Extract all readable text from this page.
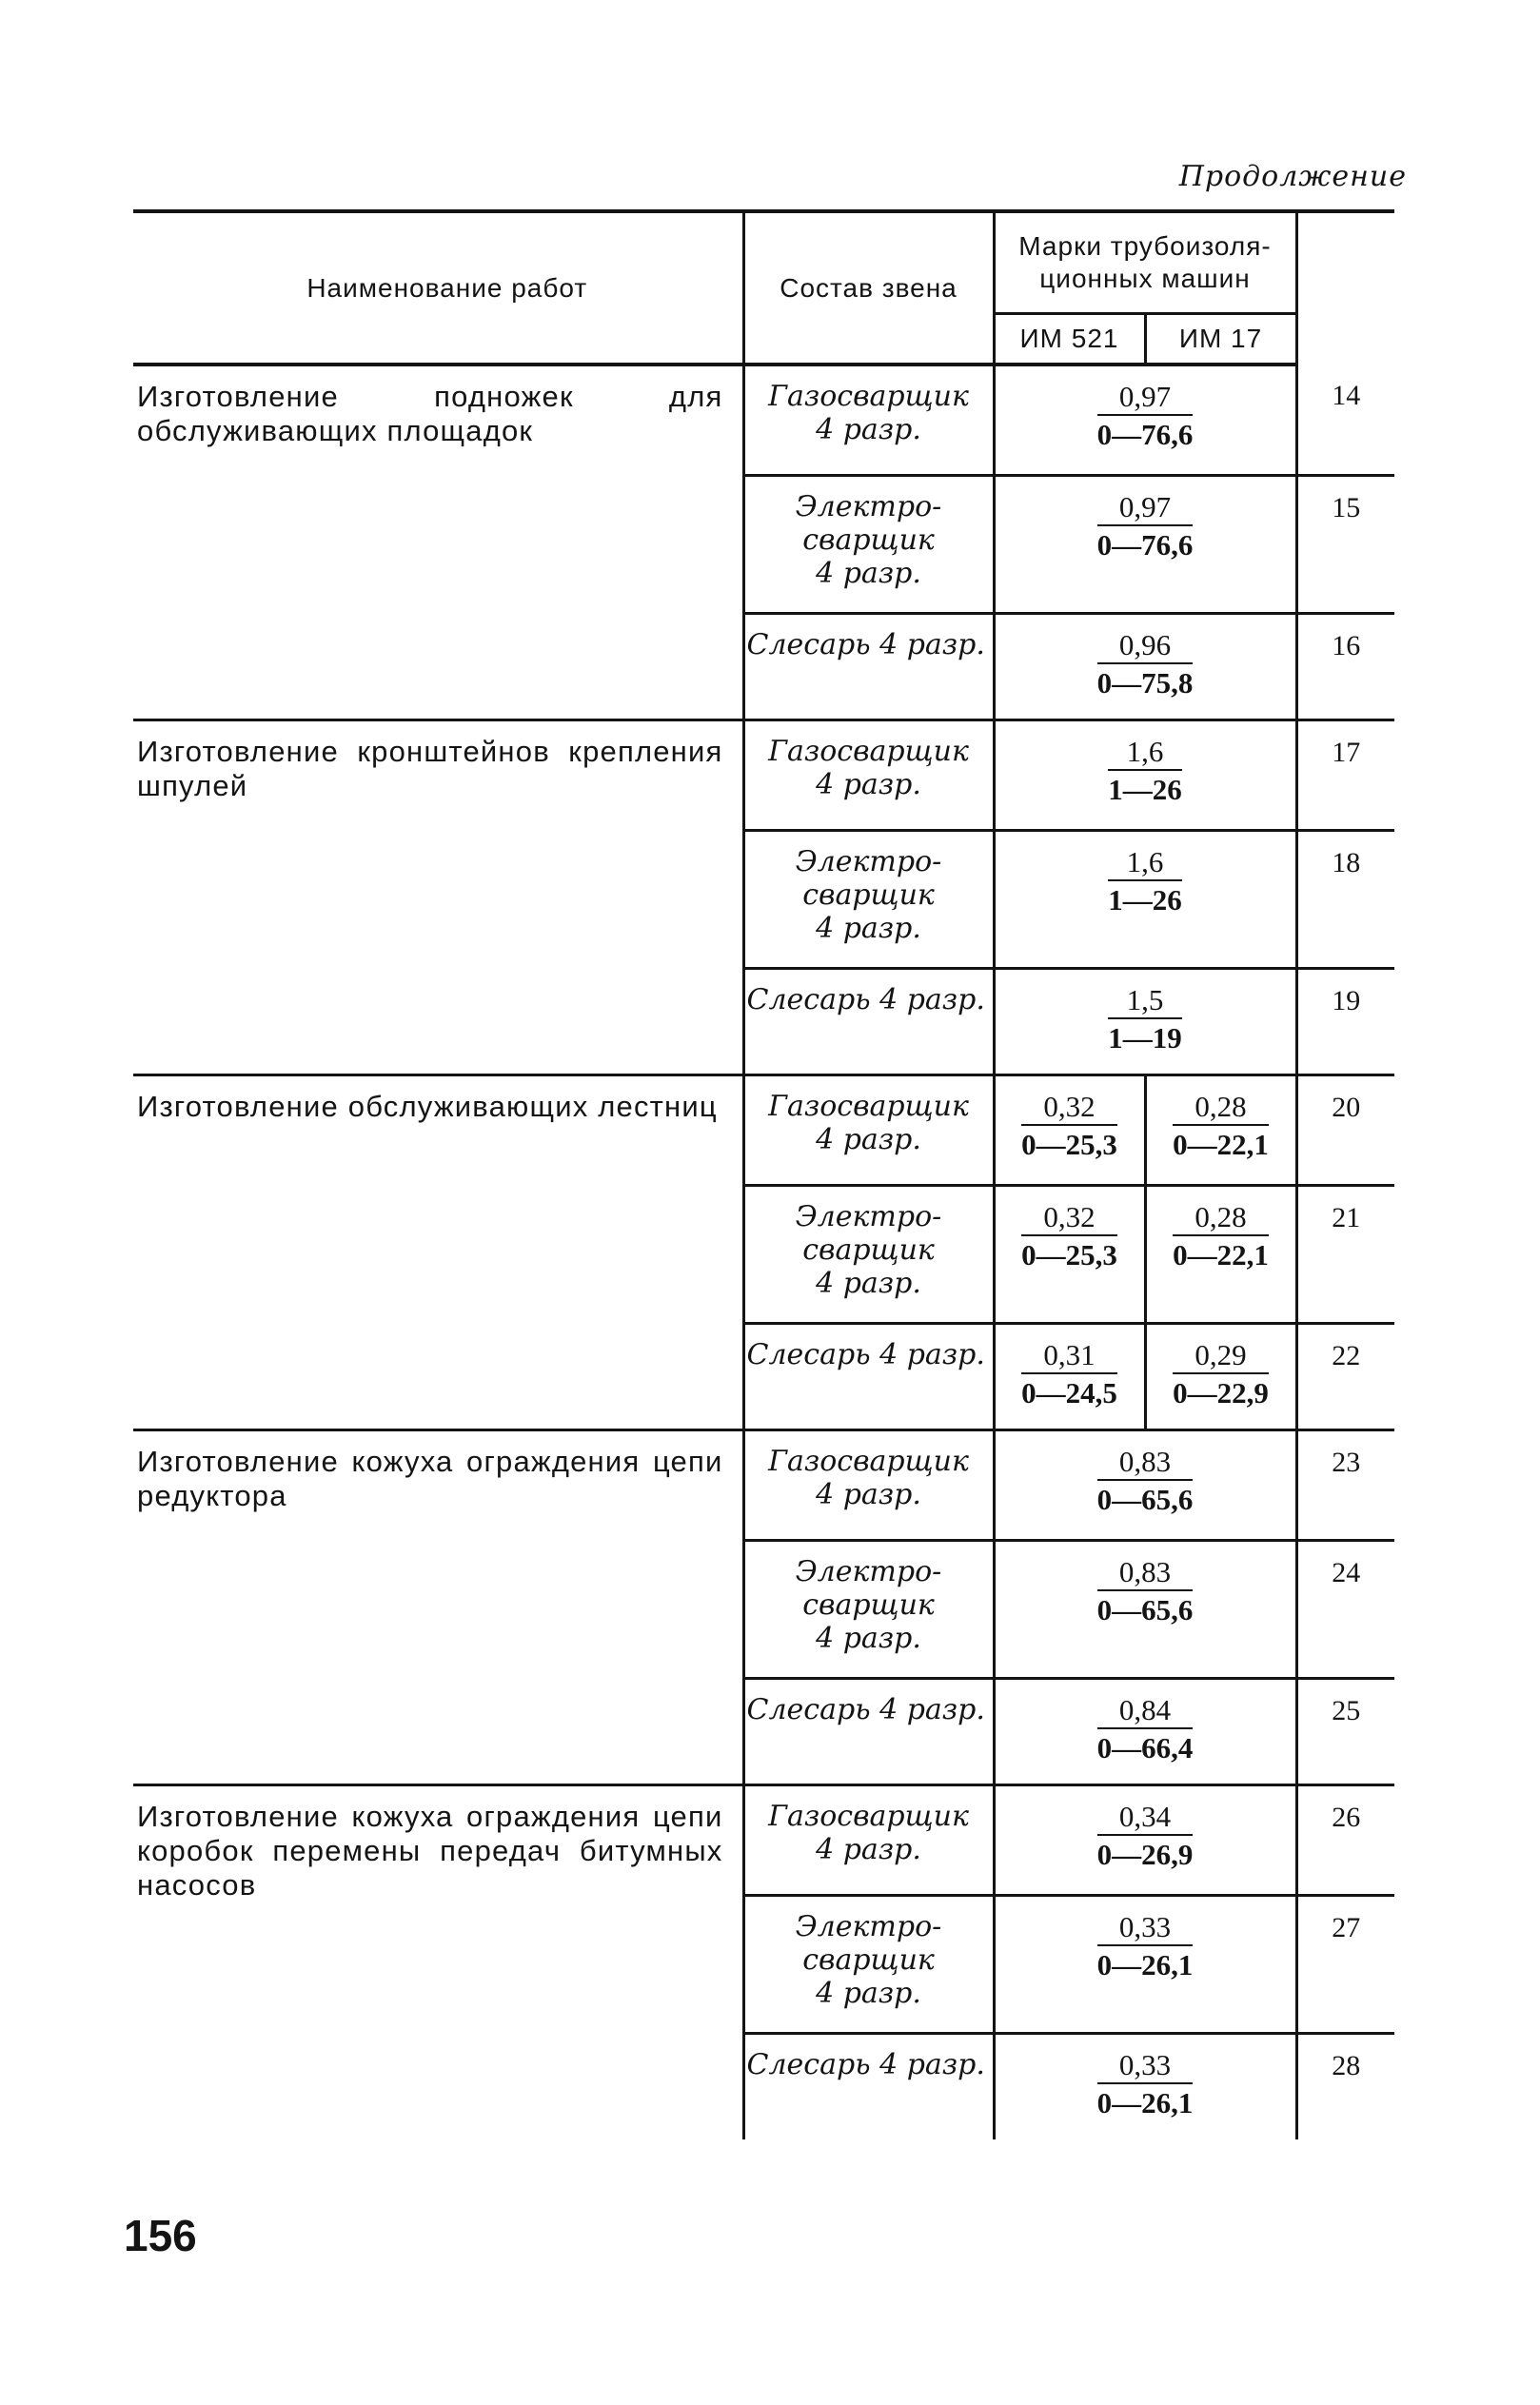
Продолжение
Наименование работ	Состав звена	Марки трубоизоля-
ционных машин		
		ИМ 521	ИМ 17	
Изготовление подножек для обслуживающих площадок	Газосварщик
4 разр.	$\frac{0,97}{0—76,6}$		14
	Электро-
сварщик
4 разр.	$\frac{0,97}{0—76,6}$		15
	Слесарь 4 разр.	$\frac{0,96}{0—75,8}$		16
Изготовление кронштейнов крепления шпулей	Газосварщик
4 разр.	$\frac{1,6}{1—26}$		17
	Электро-
сварщик
4 разр.	$\frac{1,6}{1—26}$		18
	Слесарь 4 разр.	$\frac{1,5}{1—19}$		19
Изготовление обслуживающих лестниц	Газосварщик
4 разр.	$\frac{0,32}{0—25,3}$	$\frac{0,28}{0—22,1}$	20
	Электро-
сварщик
4 разр.	$\frac{0,32}{0—25,3}$	$\frac{0,28}{0—22,1}$	21
	Слесарь 4 разр.	$\frac{0,31}{0—24,5}$	$\frac{0,29}{0—22,9}$	22
Изготовление кожуха ограждения цепи редуктора	Газосварщик
4 разр.	$\frac{0,83}{0—65,6}$		23
	Электро-
сварщик
4 разр.	$\frac{0,83}{0—65,6}$		24
	Слесарь 4 разр.	$\frac{0,84}{0—66,4}$		25
Изготовление кожуха ограждения цепи коробок перемены передач битумных насосов	Газосварщик
4 разр.	$\frac{0,34}{0—26,9}$		26
	Электро-
сварщик
4 разр.	$\frac{0,33}{0—26,1}$		27
	Слесарь 4 разр.	$\frac{0,33}{0—26,1}$		28
156
